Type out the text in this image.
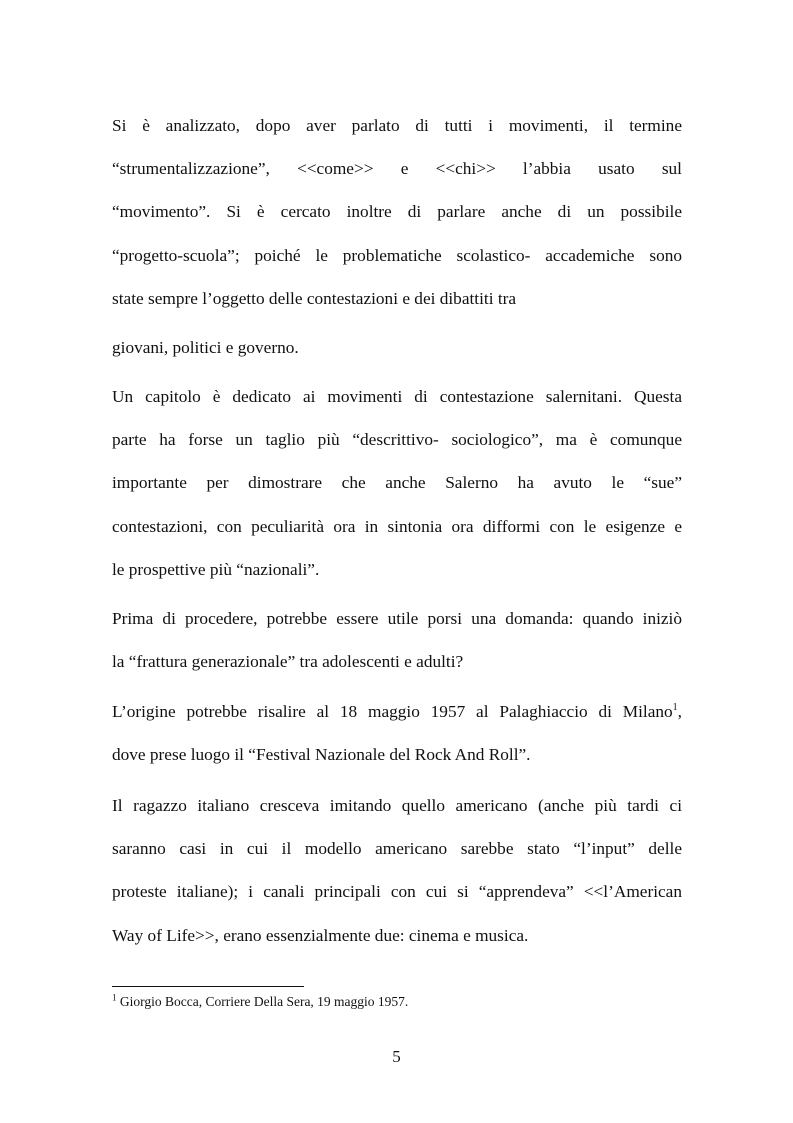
Si è analizzato, dopo aver parlato di tutti i movimenti, il termine
“strumentalizzazione”, <<come>> e <<chi>> l’abbia usato sul
“movimento”. Si è cercato inoltre di parlare anche di un possibile
“progetto-scuola”; poiché le problematiche scolastico- accademiche sono
state sempre l’oggetto delle contestazioni e dei dibattiti tra
giovani, politici e governo.
Un capitolo è dedicato ai movimenti di contestazione salernitani. Questa
parte ha forse un taglio più “descrittivo- sociologico”, ma è comunque
importante per dimostrare che anche Salerno ha avuto le “sue”
contestazioni, con peculiarità ora in sintonia ora difformi con le esigenze e
le prospettive più “nazionali”.
Prima di procedere, potrebbe essere utile porsi una domanda: quando iniziò
la “frattura generazionale” tra adolescenti e adulti?
L’origine potrebbe risalire al 18 maggio 1957 al Palaghiaccio di Milano$^1$,
dove prese luogo il “Festival Nazionale del Rock And Roll”.
Il ragazzo italiano cresceva imitando quello americano (anche più tardi ci
saranno casi in cui il modello americano sarebbe stato “l’input” delle
proteste italiane); i canali principali con cui si “apprendeva” <<l’American
Way of Life>>, erano essenzialmente due: cinema e musica.
$^1$ Giorgio Bocca, Corriere Della Sera, 19 maggio 1957.
5
